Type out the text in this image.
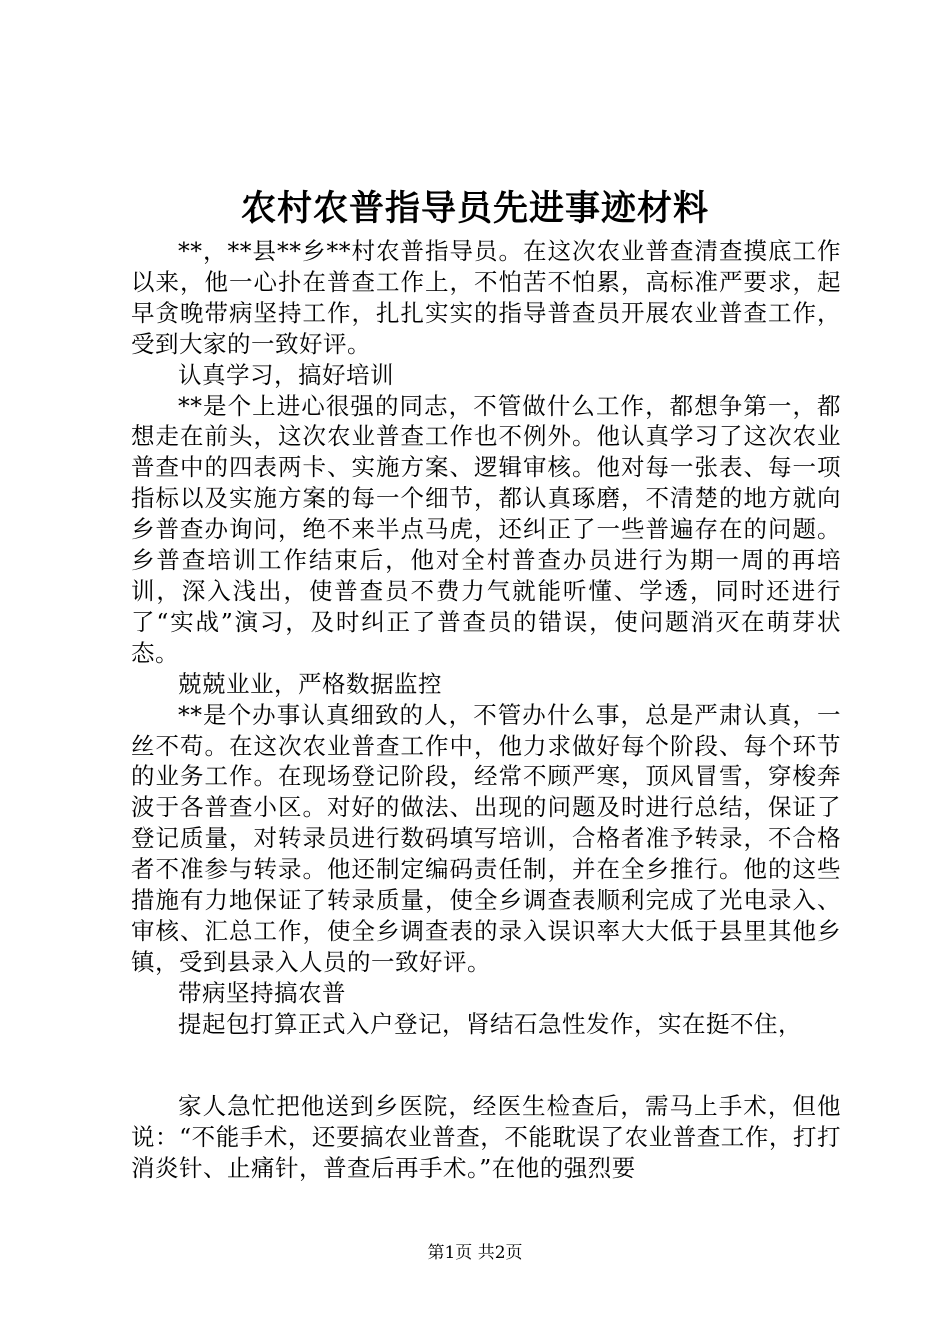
农村农普指导员先进事迹材料

**，**县**乡**村农普指导员。在这次农业普查清查摸底工作以来，他一心扑在普查工作上，不怕苦不怕累，高标准严要求，起早贪晚带病坚持工作，扎扎实实的指导普查员开展农业普查工作，受到大家的一致好评。

认真学习，搞好培训

**是个上进心很强的同志，不管做什么工作，都想争第一，都想走在前头，这次农业普查工作也不例外。他认真学习了这次农业普查中的四表两卡、实施方案、逻辑审核。他对每一张表、每一项指标以及实施方案的每一个细节，都认真琢磨，不清楚的地方就向乡普查办询问，绝不来半点马虎，还纠正了一些普遍存在的问题。乡普查培训工作结束后，他对全村普查办员进行为期一周的再培训，深入浅出，使普查员不费力气就能听懂、学透，同时还进行了“实战”演习，及时纠正了普查员的错误，使问题消灭在萌芽状态。

兢兢业业，严格数据监控

**是个办事认真细致的人，不管办什么事，总是严肃认真，一丝不苟。在这次农业普查工作中，他力求做好每个阶段、每个环节的业务工作。在现场登记阶段，经常不顾严寒，顶风冒雪，穿梭奔波于各普查小区。对好的做法、出现的问题及时进行总结，保证了登记质量，对转录员进行数码填写培训，合格者准予转录，不合格者不准参与转录。他还制定编码责任制，并在全乡推行。他的这些措施有力地保证了转录质量，使全乡调查表顺利完成了光电录入、审核、汇总工作，使全乡调查表的录入误识率大大低于县里其他乡镇，受到县录入人员的一致好评。

带病坚持搞农普

提起包打算正式入户登记，肾结石急性发作，实在挺不住，

家人急忙把他送到乡医院，经医生检查后，需马上手术，但他说：“不能手术，还要搞农业普查，不能耽误了农业普查工作，打打消炎针、止痛针，普查后再手术。”在他的强烈要

第1页 共2页
